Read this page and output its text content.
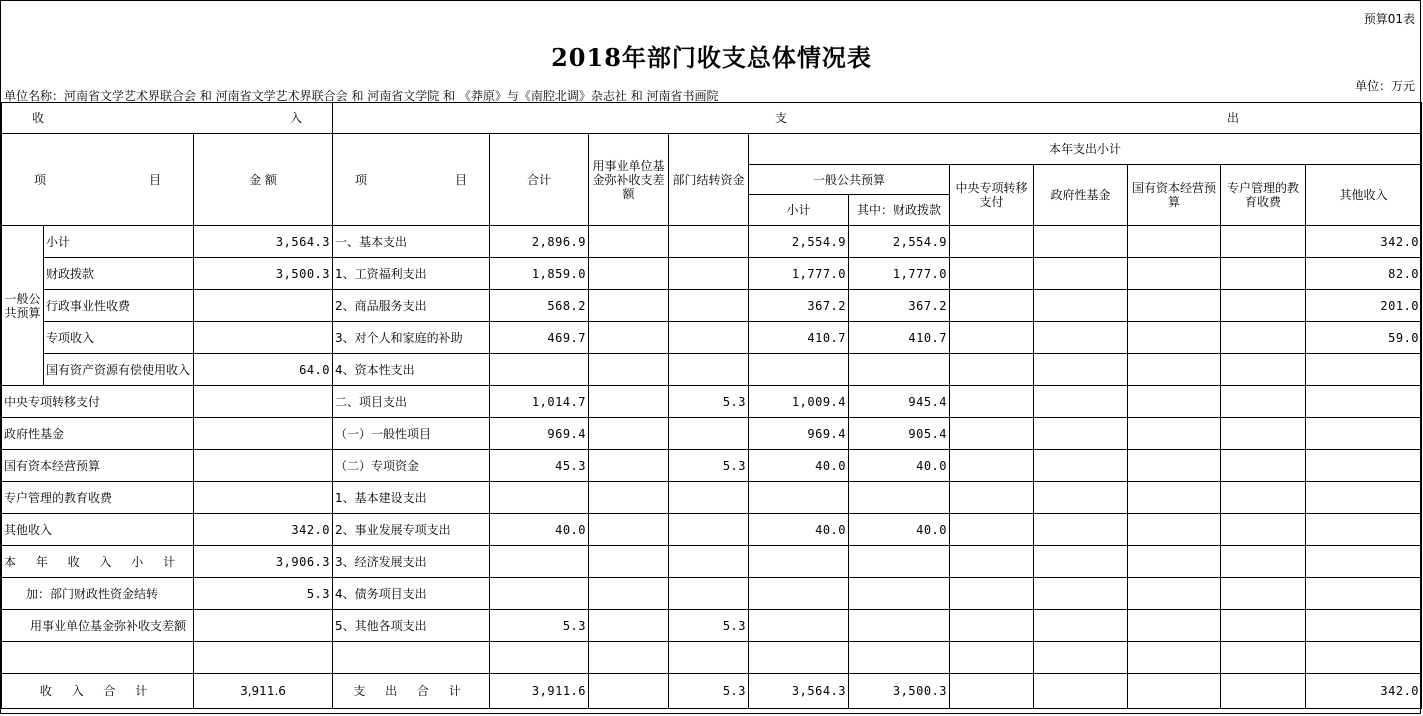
预算01表
2018年部门收支总体情况表
单位名称：河南省文学艺术界联合会 和 河南省文学艺术界联合会 和 河南省文学院 和 《莽原》与《南腔北调》杂志社 和 河南省书画院
单位：万元
收 入			支 出										

项 目		金 额	项 目	合计	用事业单位基金弥补收支差额	部门结转资金	本年支出小计						
							一般公共预算		中央专项转移支付	政府性基金	国有资本经营预算	专户管理的教育收费	其他收入
							小计	其中：财政拨款					
一般公共预算	小计	3,564.3	一、基本支出	2,896.9			2,554.9	2,554.9					342.0
	财政拨款	3,500.3	1、工资福利支出	1,859.0			1,777.0	1,777.0					82.0
	行政事业性收费		2、商品服务支出	568.2			367.2	367.2					201.0
	专项收入		3、对个人和家庭的补助	469.7			410.7	410.7					59.0
	国有资产资源有偿使用收入	64.0	4、资本性支出										
中央专项转移支付			二、项目支出	1,014.7		5.3	1,009.4	945.4					
政府性基金			（一）一般性项目	969.4			969.4	905.4					
国有资本经营预算			（二）专项资金	45.3		5.3	40.0	40.0					
专户管理的教育收费			1、基本建设支出										
其他收入		342.0	2、事业发展专项支出	40.0			40.0	40.0					
本 年 收 入 小 计		3,906.3	3、经济发展支出										
加：部门财政性资金结转		5.3	4、债务项目支出										
用事业单位基金弥补收支差额			5、其他各项支出	5.3		5.3							

收 入 合 计		3,911.6	支 出 合 计	3,911.6		5.3	3,564.3	3,500.3					342.0
